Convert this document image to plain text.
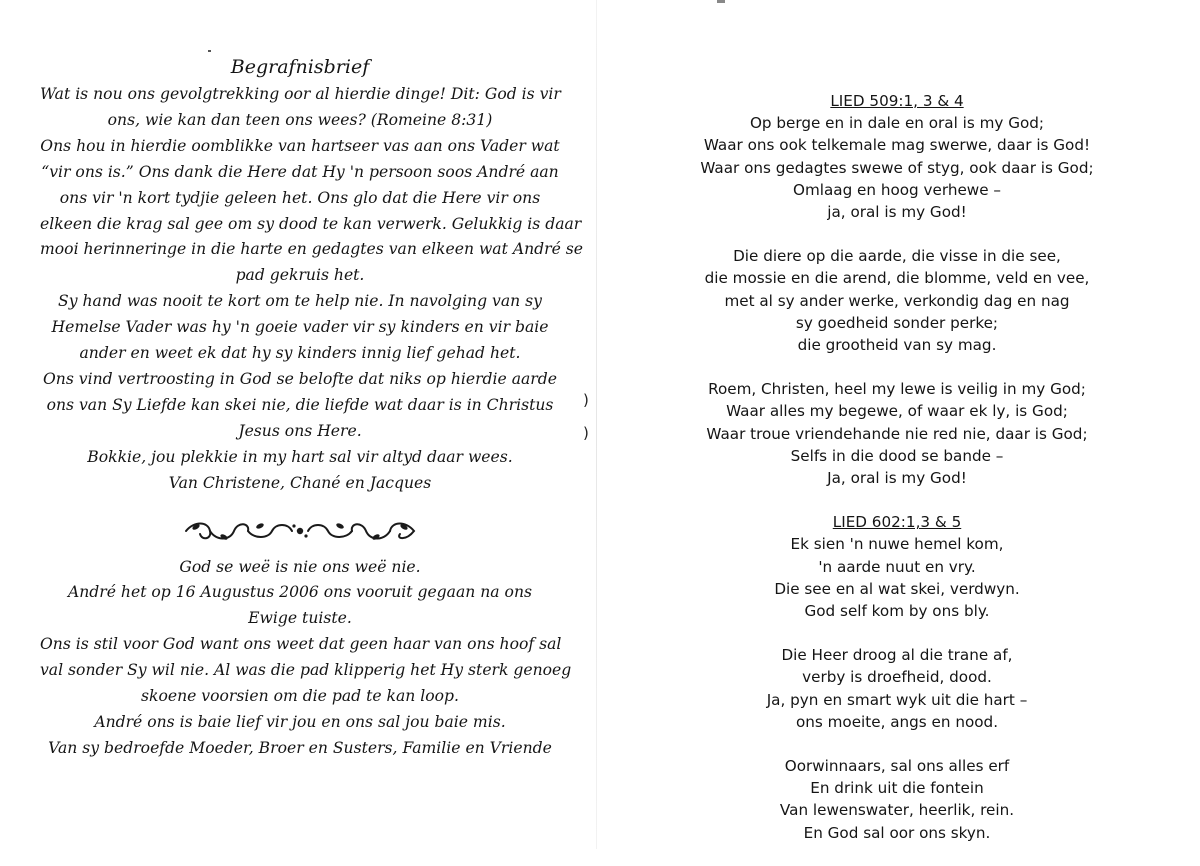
Begrafnisbrief
Wat is nou ons gevolgtrekking oor al hierdie dinge! Dit: God is vir
ons, wie kan dan teen ons wees? (Romeine 8:31)
Ons hou in hierdie oomblikke van hartseer vas aan ons Vader wat
“vir ons is.” Ons dank die Here dat Hy 'n persoon soos André aan
ons vir 'n kort tydjie geleen het. Ons glo dat die Here vir ons
elkeen die krag sal gee om sy dood te kan verwerk. Gelukkig is daar
mooi herinneringe in die harte en gedagtes van elkeen wat André se
pad gekruis het.
Sy hand was nooit te kort om te help nie. In navolging van sy
Hemelse Vader was hy 'n goeie vader vir sy kinders en vir baie
ander en weet ek dat hy sy kinders innig lief gehad het.
Ons vind vertroosting in God se belofte dat niks op hierdie aarde
ons van Sy Liefde kan skei nie, die liefde wat daar is in Christus
Jesus ons Here.
Bokkie, jou plekkie in my hart sal vir altyd daar wees.
Van Christene, Chané en Jacques
God se weë is nie ons weë nie.
André het op 16 Augustus 2006 ons vooruit gegaan na ons
Ewige tuiste.
Ons is stil voor God want ons weet dat geen haar van ons hoof sal
val sonder Sy wil nie. Al was die pad klipperig het Hy sterk genoeg
skoene voorsien om die pad te kan loop.
André ons is baie lief vir jou en ons sal jou baie mis.
Van sy bedroefde Moeder, Broer en Susters, Familie en Vriende
)
)
LIED 509:1, 3 & 4
Op berge en in dale en oral is my God;
Waar ons ook telkemale mag swerwe, daar is God!
Waar ons gedagtes swewe of styg, ook daar is God;
Omlaag en hoog verhewe –
ja, oral is my God!
Die diere op die aarde, die visse in die see,
die mossie en die arend, die blomme, veld en vee,
met al sy ander werke, verkondig dag en nag
sy goedheid sonder perke;
die grootheid van sy mag.
Roem, Christen, heel my lewe is veilig in my God;
Waar alles my begewe, of waar ek ly, is God;
Waar troue vriendehande nie red nie, daar is God;
Selfs in die dood se bande –
Ja, oral is my God!
LIED 602:1,3 & 5
Ek sien 'n nuwe hemel kom,
'n aarde nuut en vry.
Die see en al wat skei, verdwyn.
God self kom by ons bly.
Die Heer droog al die trane af,
verby is droefheid, dood.
Ja, pyn en smart wyk uit die hart –
ons moeite, angs en nood.
Oorwinnaars, sal ons alles erf
En drink uit die fontein
Van lewenswater, heerlik, rein.
En God sal oor ons skyn.
